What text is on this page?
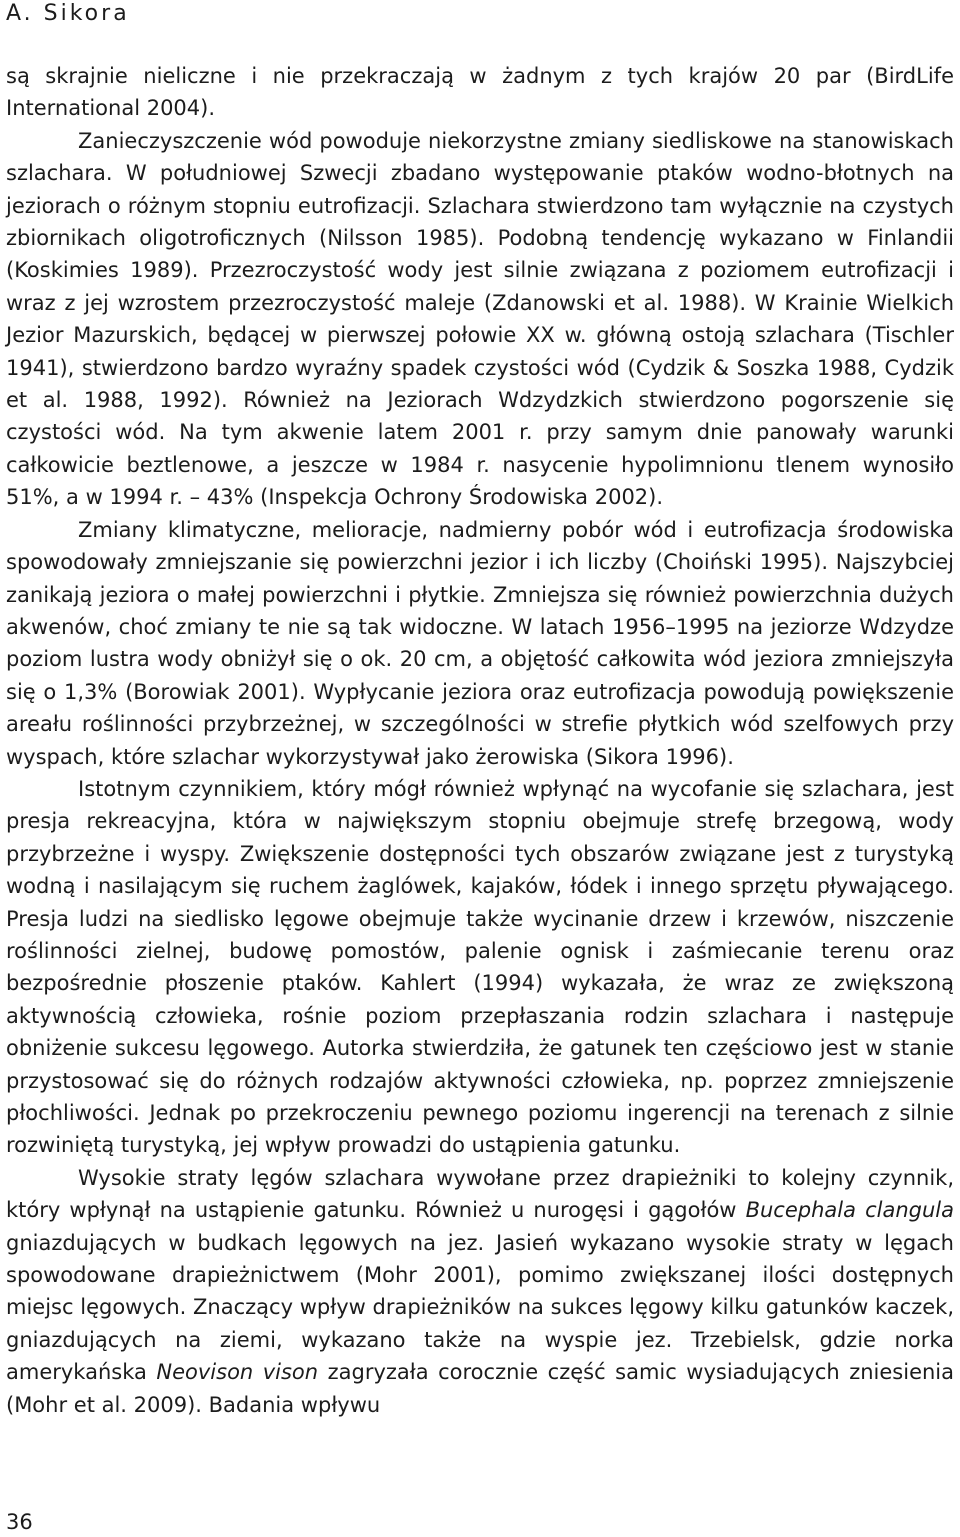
A. Sikora

są skrajnie nieliczne i nie przekraczają w żadnym z tych krajów 20 par (BirdLife International 2004).

Zanieczyszczenie wód powoduje niekorzystne zmiany siedliskowe na stanowiskach szlachara. W południowej Szwecji zbadano występowanie ptaków wodno-błotnych na jeziorach o różnym stopniu eutrofizacji. Szlachara stwierdzono tam wyłącznie na czystych zbiornikach oligotroficznych (Nilsson 1985). Podobną tendencję wykazano w Finlandii (Koskimies 1989). Przezroczystość wody jest silnie związana z poziomem eutrofizacji i wraz z jej wzrostem przezroczystość maleje (Zdanowski et al. 1988). W Krainie Wielkich Jezior Mazurskich, będącej w pierwszej połowie XX w. główną ostoją szlachara (Tischler 1941), stwierdzono bardzo wyraźny spadek czystości wód (Cydzik & Soszka 1988, Cydzik et al. 1988, 1992). Również na Jeziorach Wdzydzkich stwierdzono pogorszenie się czystości wód. Na tym akwenie latem 2001 r. przy samym dnie panowały warunki całkowicie beztlenowe, a jeszcze w 1984 r. nasycenie hypolimnionu tlenem wynosiło 51%, a w 1994 r. – 43% (Inspekcja Ochrony Środowiska 2002).

Zmiany klimatyczne, melioracje, nadmierny pobór wód i eutrofizacja środowiska spowodowały zmniejszanie się powierzchni jezior i ich liczby (Choiński 1995). Najszybciej zanikają jeziora o małej powierzchni i płytkie. Zmniejsza się również powierzchnia dużych akwenów, choć zmiany te nie są tak widoczne. W latach 1956–1995 na jeziorze Wdzydze poziom lustra wody obniżył się o ok. 20 cm, a objętość całkowita wód jeziora zmniejszyła się o 1,3% (Borowiak 2001). Wypłycanie jeziora oraz eutrofizacja powodują powiększenie areału roślinności przybrzeżnej, w szczególności w strefie płytkich wód szelfowych przy wyspach, które szlachar wykorzystywał jako żerowiska (Sikora 1996).

Istotnym czynnikiem, który mógł również wpłynąć na wycofanie się szlachara, jest presja rekreacyjna, która w największym stopniu obejmuje strefę brzegową, wody przybrzeżne i wyspy. Zwiększenie dostępności tych obszarów związane jest z turystyką wodną i nasilającym się ruchem żaglówek, kajaków, łódek i innego sprzętu pływającego. Presja ludzi na siedlisko lęgowe obejmuje także wycinanie drzew i krzewów, niszczenie roślinności zielnej, budowę pomostów, palenie ognisk i zaśmiecanie terenu oraz bezpośrednie płoszenie ptaków. Kahlert (1994) wykazała, że wraz ze zwiększoną aktywnością człowieka, rośnie poziom przepłaszania rodzin szlachara i następuje obniżenie sukcesu lęgowego. Autorka stwierdziła, że gatunek ten częściowo jest w stanie przystosować się do różnych rodzajów aktywności człowieka, np. poprzez zmniejszenie płochliwości. Jednak po przekroczeniu pewnego poziomu ingerencji na terenach z silnie rozwiniętą turystyką, jej wpływ prowadzi do ustąpienia gatunku.

Wysokie straty lęgów szlachara wywołane przez drapieżniki to kolejny czynnik, który wpłynął na ustąpienie gatunku. Również u nurogęsi i gągołów Bucephala clangula gniazdujących w budkach lęgowych na jez. Jasień wykazano wysokie straty w lęgach spowodowane drapieżnictwem (Mohr 2001), pomimo zwiększanej ilości dostępnych miejsc lęgowych. Znaczący wpływ drapieżników na sukces lęgowy kilku gatunków kaczek, gniazdujących na ziemi, wykazano także na wyspie jez. Trzebielsk, gdzie norka amerykańska Neovison vison zagryzała corocznie część samic wysiadujących zniesienia (Mohr et al. 2009). Badania wpływu

36
